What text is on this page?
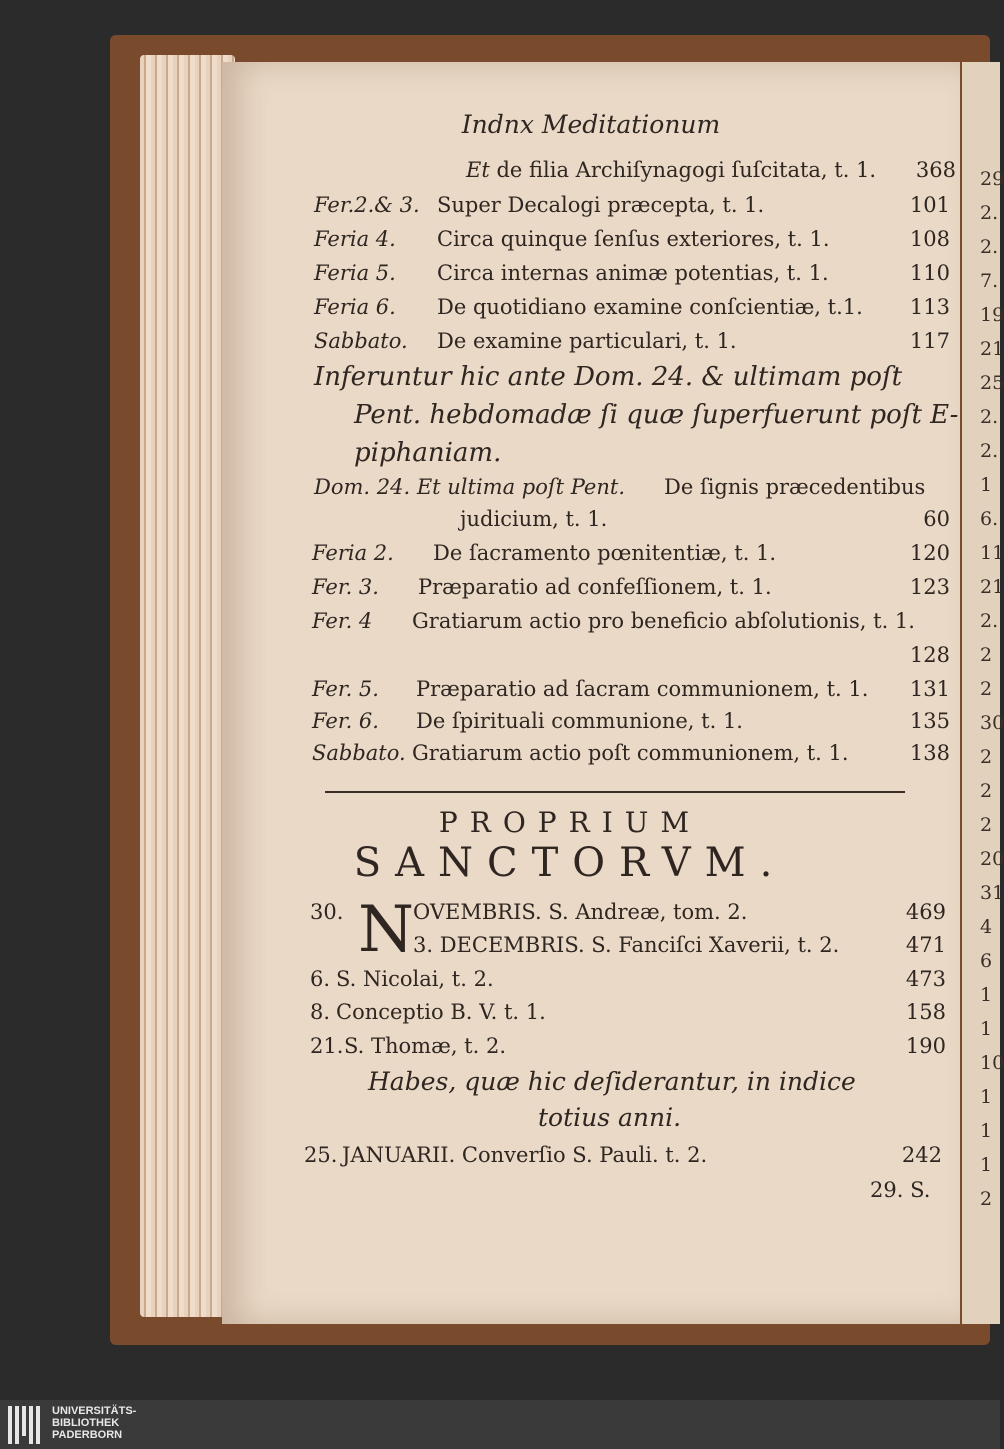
Indnx Meditationum
Et de filia Archiſynagogi ſuſcitata, t. 1.	368
Fer.2.& 3. Super Decalogi præcepta, t. 1.	101
Feria 4. Circa quinque ſenſus exteriores, t. 1.	108
Feria 5. Circa internas animæ potentias, t. 1.	110
Feria 6. De quotidiano examine conſcientiæ, t.1.	113
Sabbato. De examine particulari, t. 1.	117
Inferuntur hic ante Dom. 24. & ultimam poſt
Pent. hebdomadæ ſi quæ ſuperfuerunt poſt E-
piphaniam.
Dom. 24. Et ultima poſt Pent. De ſignis præcedentibus
judicium, t. 1.	60
Feria 2. De ſacramento pœnitentiæ, t. 1.	120
Fer. 3. Præparatio ad confeſſionem, t. 1.	123
Fer. 4 Gratiarum actio pro beneficio abſolutionis, t. 1.
128
Fer. 5. Præparatio ad ſacram communionem, t. 1.	131
Fer. 6. De ſpirituali communione, t. 1.	135
Sabbato. Gratiarum actio poſt communionem, t. 1.	138
PROPRIUM
SANCTORVM.
N
30.	OVEMBRIS. S. Andreæ, tom. 2.	469
3. DECEMBRIS. S. Fanciſci Xaverii, t. 2.	471
6. S. Nicolai, t. 2.	473
8. Conceptio B. V. t. 1.	158
21. S. Thomæ, t. 2.	190
Habes, quæ hic deſiderantur, in indice
totius anni.
25. JANUARII. Converſio S. Pauli. t. 2.	242
29. S.
29
2.
2.
7.
19
21
25
2.
2.
1
6.
11
21
2.
2
2
30
2
2
2
20
31
4
6
1
1
10
1
1
1
2
UNIVERSITÄTS-
BIBLIOTHEK
PADERBORN
